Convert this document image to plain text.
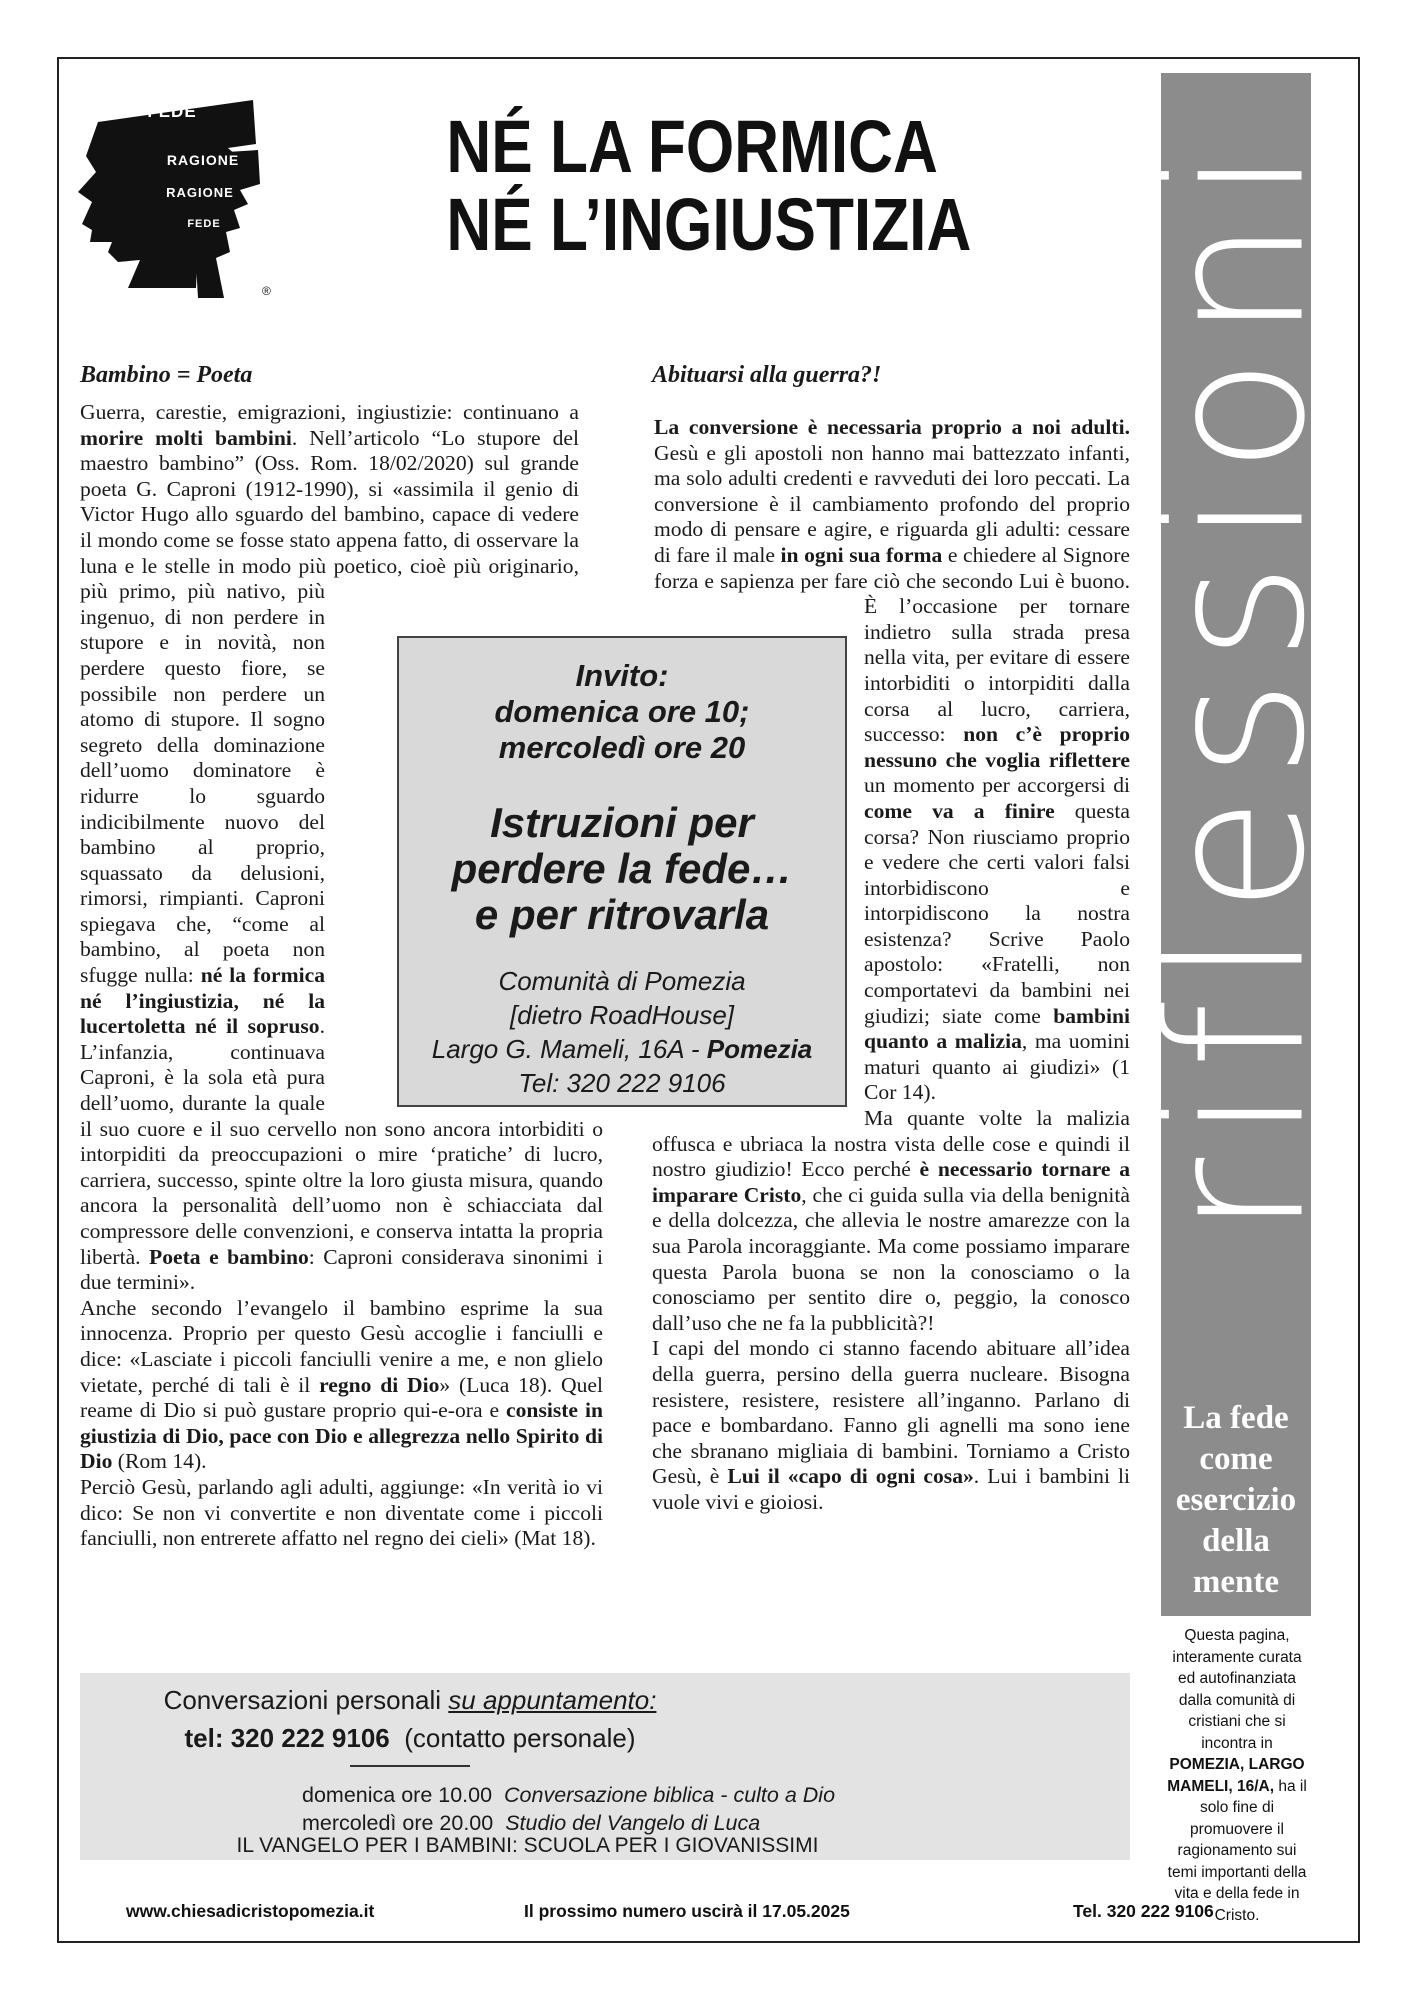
FEDE
RAGIONE
RAGIONE
FEDE
®
NÉ LA FORMICA
NÉ L’INGIUSTIZIA riflessioni
La fede
come
esercizio
della
mente
Questa pagina, interamente curata ed autofinanziata dalla comunità di cristiani che si incontra in POMEZIA, LARGO MAMELI, 16/A, ha il solo fine di promuovere il ragionamento sui temi importanti della vita e della fede in Cristo.
Bambino = Poeta	Abituarsi alla guerra?!

Guerra, carestie, emigrazioni, ingiustizie: continuano a morire molti bambini. Nell’articolo “Lo stupore del maestro bambino” (Oss. Rom. 18/02/2020) sul grande poeta G. Caproni (1912-1990), si «assimila il genio di Victor Hugo allo sguardo del bambino, capace di vedere il mondo come se fosse stato appena fatto, di osservare la luna e le stelle in modo più poetico, cioè più originario, più primo, più nativo, più ingenuo, di non perdere in stupore e in novità, non perdere questo fiore, se possibile non perdere un atomo di stupore. Il sogno segreto della dominazione dell’uomo dominatore è ridurre lo sguardo indicibilmente nuovo del bambino al proprio, squassato da delusioni, rimorsi, rimpianti. Caproni spiegava che, “come al bambino, al poeta non sfugge nulla: né la formica né l’ingiustizia, né la lucertoletta né il sopruso. L’infanzia, continuava Caproni, è la sola età pura dell’uomo, durante la quale il suo cuore e il suo cervello non sono ancora intorbiditi o intorpiditi da preoccupazioni o mire ‘pratiche’ di lucro, carriera, successo, spinte oltre la loro giusta misura, quando ancora la personalità dell’uomo non è schiacciata dal compressore delle convenzioni, e conserva intatta la propria libertà. Poeta e bambino: Caproni considerava sinonimi i due termini».

Anche secondo l’evangelo il bambino esprime la sua innocenza. Proprio per questo Gesù accoglie i fanciulli e dice: «Lasciate i piccoli fanciulli venire a me, e non glielo vietate, perché di tali è il regno di Dio» (Luca 18). Quel reame di Dio si può gustare proprio qui-e-ora e consiste in giustizia di Dio, pace con Dio e allegrezza nello Spirito di Dio (Rom 14).

Perciò Gesù, parlando agli adulti, aggiunge: «In verità io vi dico: Se non vi convertite e non diventate come i piccoli fanciulli, non entrerete affatto nel regno dei cieli» (Mat 18).

La conversione è necessaria proprio a noi adulti. Gesù e gli apostoli non hanno mai battezzato infanti, ma solo adulti credenti e ravveduti dei loro peccati. La conversione è il cambiamento profondo del proprio modo di pensare e agire, e riguarda gli adulti: cessare di fare il male in ogni sua forma e chiedere al Signore forza e sapienza per fare ciò che secondo Lui è buono. È l’occasione per tornare indietro sulla strada presa nella vita, per evitare di essere intorbiditi o intorpiditi dalla corsa al lucro, carriera, successo: non c’è proprio nessuno che voglia riflettere un momento per accorgersi di come va a finire questa corsa? Non riusciamo proprio e vedere che certi valori falsi intorbidiscono e intorpidiscono la nostra esistenza? Scrive Paolo apostolo: «Fratelli, non comportatevi da bambini nei giudizi; siate come bambini quanto a malizia, ma uomini maturi quanto ai giudizi» (1 Cor 14).

Ma quante volte la malizia offusca e ubriaca la nostra vista delle cose e quindi il nostro giudizio! Ecco perché è necessario tornare a imparare Cristo, che ci guida sulla via della benignità e della dolcezza, che allevia le nostre amarezze con la sua Parola incoraggiante. Ma come possiamo imparare questa Parola buona se non la conosciamo o la conosciamo per sentito dire o, peggio, la conosco dall’uso che ne fa la pubblicità?!

I capi del mondo ci stanno facendo abituare all’idea della guerra, persino della guerra nucleare. Bisogna resistere, resistere, resistere all’inganno. Parlano di pace e bombardano. Fanno gli agnelli ma sono iene che sbranano migliaia di bambini. Torniamo a Cristo Gesù, è Lui il «capo di ogni cosa». Lui i bambini li vuole vivi e gioiosi.

Invito:
domenica ore 10;
mercoledì ore 20
Istruzioni per
perdere la fede…
e per ritrovarla
Comunità di Pomezia
[dietro RoadHouse]
Largo G. Mameli, 16A - Pomezia
Tel: 320 222 9106
Conversazioni personali su appuntamento:
tel: 320 222 9106 (contatto personale)
domenica ore 10.00 Conversazione biblica - culto a Dio
mercoledì ore 20.00 Studio del Vangelo di Luca
IL VANGELO PER I BAMBINI: SCUOLA PER I GIOVANISSIMI
www.chiesadicristopomezia.it	Il prossimo numero uscirà il 17.05.2025	Tel. 320 222 9106
